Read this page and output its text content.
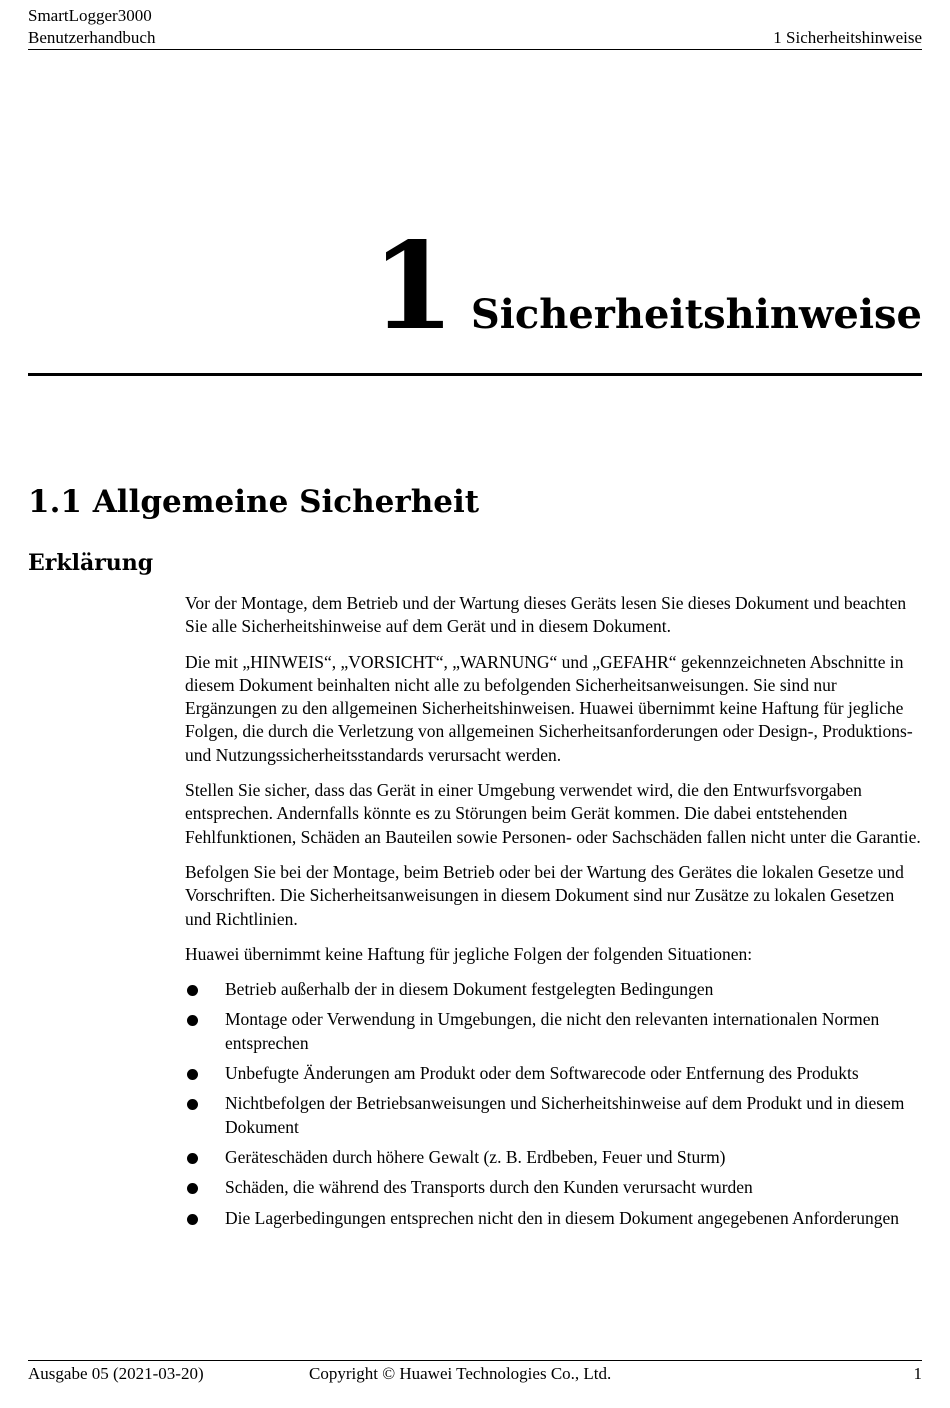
SmartLogger3000
Benutzerhandbuch	1 Sicherheitshinweise
1 Sicherheitshinweise
1.1 Allgemeine Sicherheit
Erklärung

Vor der Montage, dem Betrieb und der Wartung dieses Geräts lesen Sie dieses Dokument und beachten Sie alle Sicherheitshinweise auf dem Gerät und in diesem Dokument.

Die mit „HINWEIS“, „VORSICHT“, „WARNUNG“ und „GEFAHR“ gekennzeichneten Abschnitte in diesem Dokument beinhalten nicht alle zu befolgenden Sicherheitsanweisungen. Sie sind nur Ergänzungen zu den allgemeinen Sicherheitshinweisen. Huawei übernimmt keine Haftung für jegliche Folgen, die durch die Verletzung von allgemeinen Sicherheitsanforderungen oder Design-, Produktions- und Nutzungssicherheitsstandards verursacht werden.

Stellen Sie sicher, dass das Gerät in einer Umgebung verwendet wird, die den Entwurfsvorgaben entsprechen. Andernfalls könnte es zu Störungen beim Gerät kommen. Die dabei entstehenden Fehlfunktionen, Schäden an Bauteilen sowie Personen- oder Sachschäden fallen nicht unter die Garantie.

Befolgen Sie bei der Montage, beim Betrieb oder bei der Wartung des Gerätes die lokalen Gesetze und Vorschriften. Die Sicherheitsanweisungen in diesem Dokument sind nur Zusätze zu lokalen Gesetzen und Richtlinien.

Huawei übernimmt keine Haftung für jegliche Folgen der folgenden Situationen:

Betrieb außerhalb der in diesem Dokument festgelegten Bedingungen
Montage oder Verwendung in Umgebungen, die nicht den relevanten internationalen Normen entsprechen
Unbefugte Änderungen am Produkt oder dem Softwarecode oder Entfernung des Produkts
Nichtbefolgen der Betriebsanweisungen und Sicherheitshinweise auf dem Produkt und in diesem Dokument
Geräteschäden durch höhere Gewalt (z. B. Erdbeben, Feuer und Sturm)
Schäden, die während des Transports durch den Kunden verursacht wurden
Die Lagerbedingungen entsprechen nicht den in diesem Dokument angegebenen Anforderungen
Ausgabe 05 (2021-03-20)	Copyright © Huawei Technologies Co., Ltd.	1
